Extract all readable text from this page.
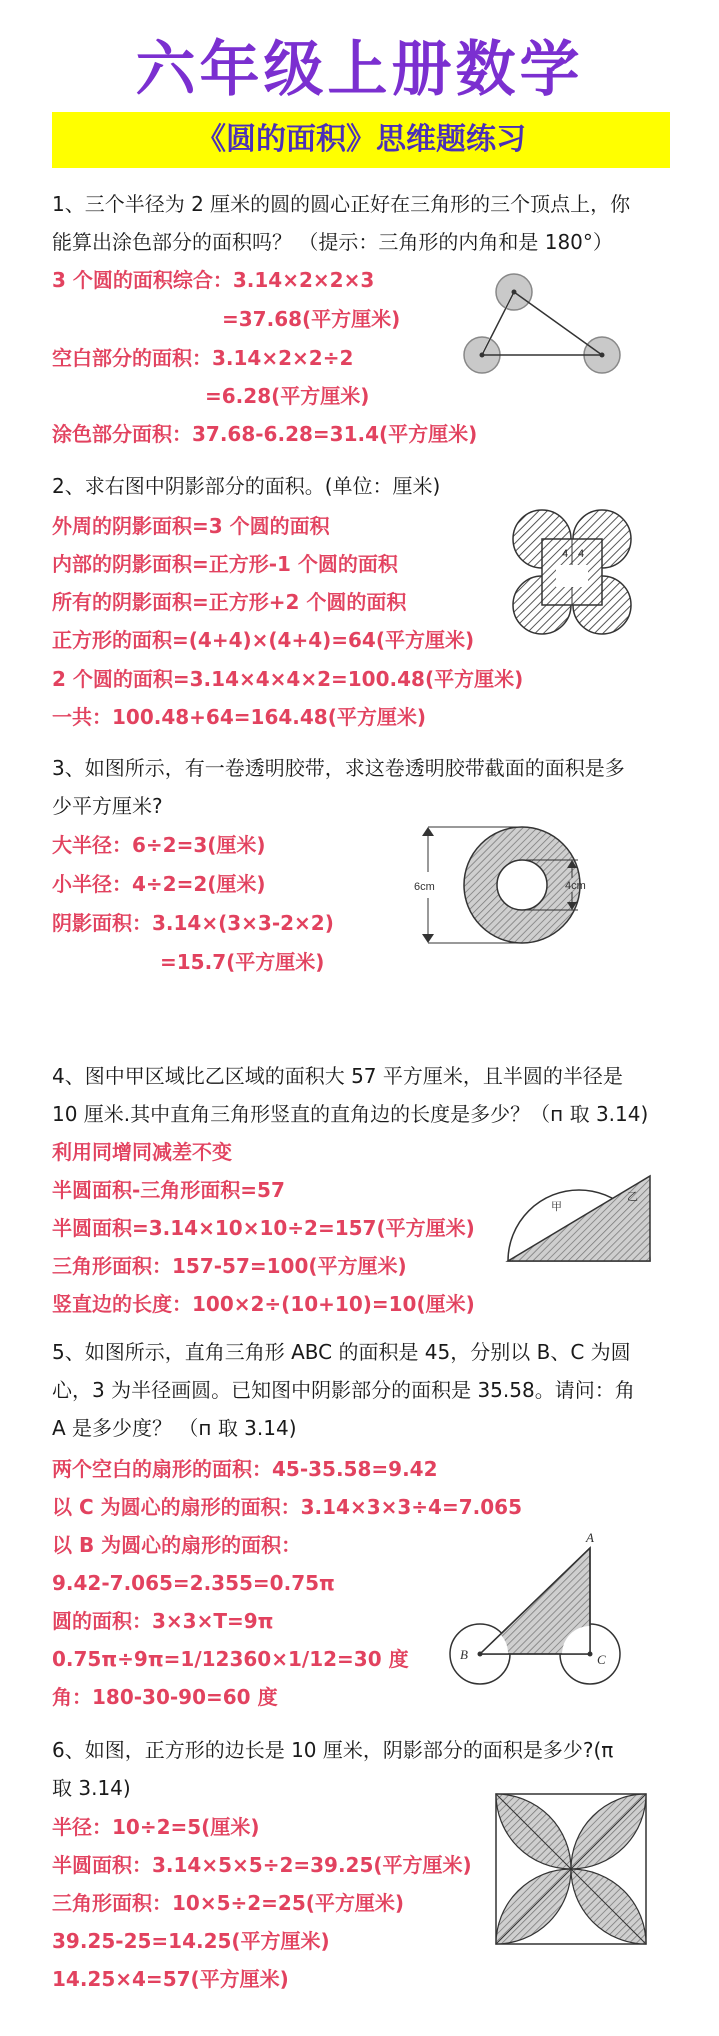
六年级上册数学
《圆的面积》思维题练习
1、三个半径为 2 厘米的圆的圆心正好在三角形的三个顶点上，你
能算出涂色部分的面积吗？ （提示：三角形的内角和是 180°）
3 个圆的面积综合：3.14×2×2×3
=37.68(平方厘米)
空白部分的面积：3.14×2×2÷2
=6.28(平方厘米)
涂色部分面积：37.68-6.28=31.4(平方厘米)
2、求右图中阴影部分的面积。(单位：厘米)
外周的阴影面积=3 个圆的面积
内部的阴影面积=正方形-1 个圆的面积
所有的阴影面积=正方形+2 个圆的面积
正方形的面积=(4+4)×(4+4)=64(平方厘米)
2 个圆的面积=3.14×4×4×2=100.48(平方厘米)
一共：100.48+64=164.48(平方厘米)
4 4
3、如图所示，有一卷透明胶带，求这卷透明胶带截面的面积是多
少平方厘米?
大半径：6÷2=3(厘米)
小半径：4÷2=2(厘米)
阴影面积：3.14×(3×3-2×2)
=15.7(平方厘米)
6cm	4cm
4、图中甲区域比乙区域的面积大 57 平方厘米，且半圆的半径是
10 厘米.其中直角三角形竖直的直角边的长度是多少？（п 取 3.14)
利用同增同减差不变
半圆面积-三角形面积=57
半圆面积=3.14×10×10÷2=157(平方厘米)
三角形面积：157-57=100(平方厘米)
竖直边的长度：100×2÷(10+10)=10(厘米)
甲
乙
5、如图所示，直角三角形 ABC 的面积是 45，分别以 B、C 为圆
心，3 为半径画圆。已知图中阴影部分的面积是 35.58。请问：角
A 是多少度？ （п 取 3.14)
两个空白的扇形的面积：45-35.58=9.42
以 C 为圆心的扇形的面积：3.14×3×3÷4=7.065
以 B 为圆心的扇形的面积：
9.42-7.065=2.355=0.75π
圆的面积：3×3×T=9π
0.75π÷9π=1/12360×1/12=30 度
角：180-30-90=60 度
A
B	C
6、如图，正方形的边长是 10 厘米，阴影部分的面积是多少?(π
取 3.14)
半径：10÷2=5(厘米)
半圆面积：3.14×5×5÷2=39.25(平方厘米)
三角形面积：10×5÷2=25(平方厘米)
39.25-25=14.25(平方厘米)
14.25×4=57(平方厘米)
